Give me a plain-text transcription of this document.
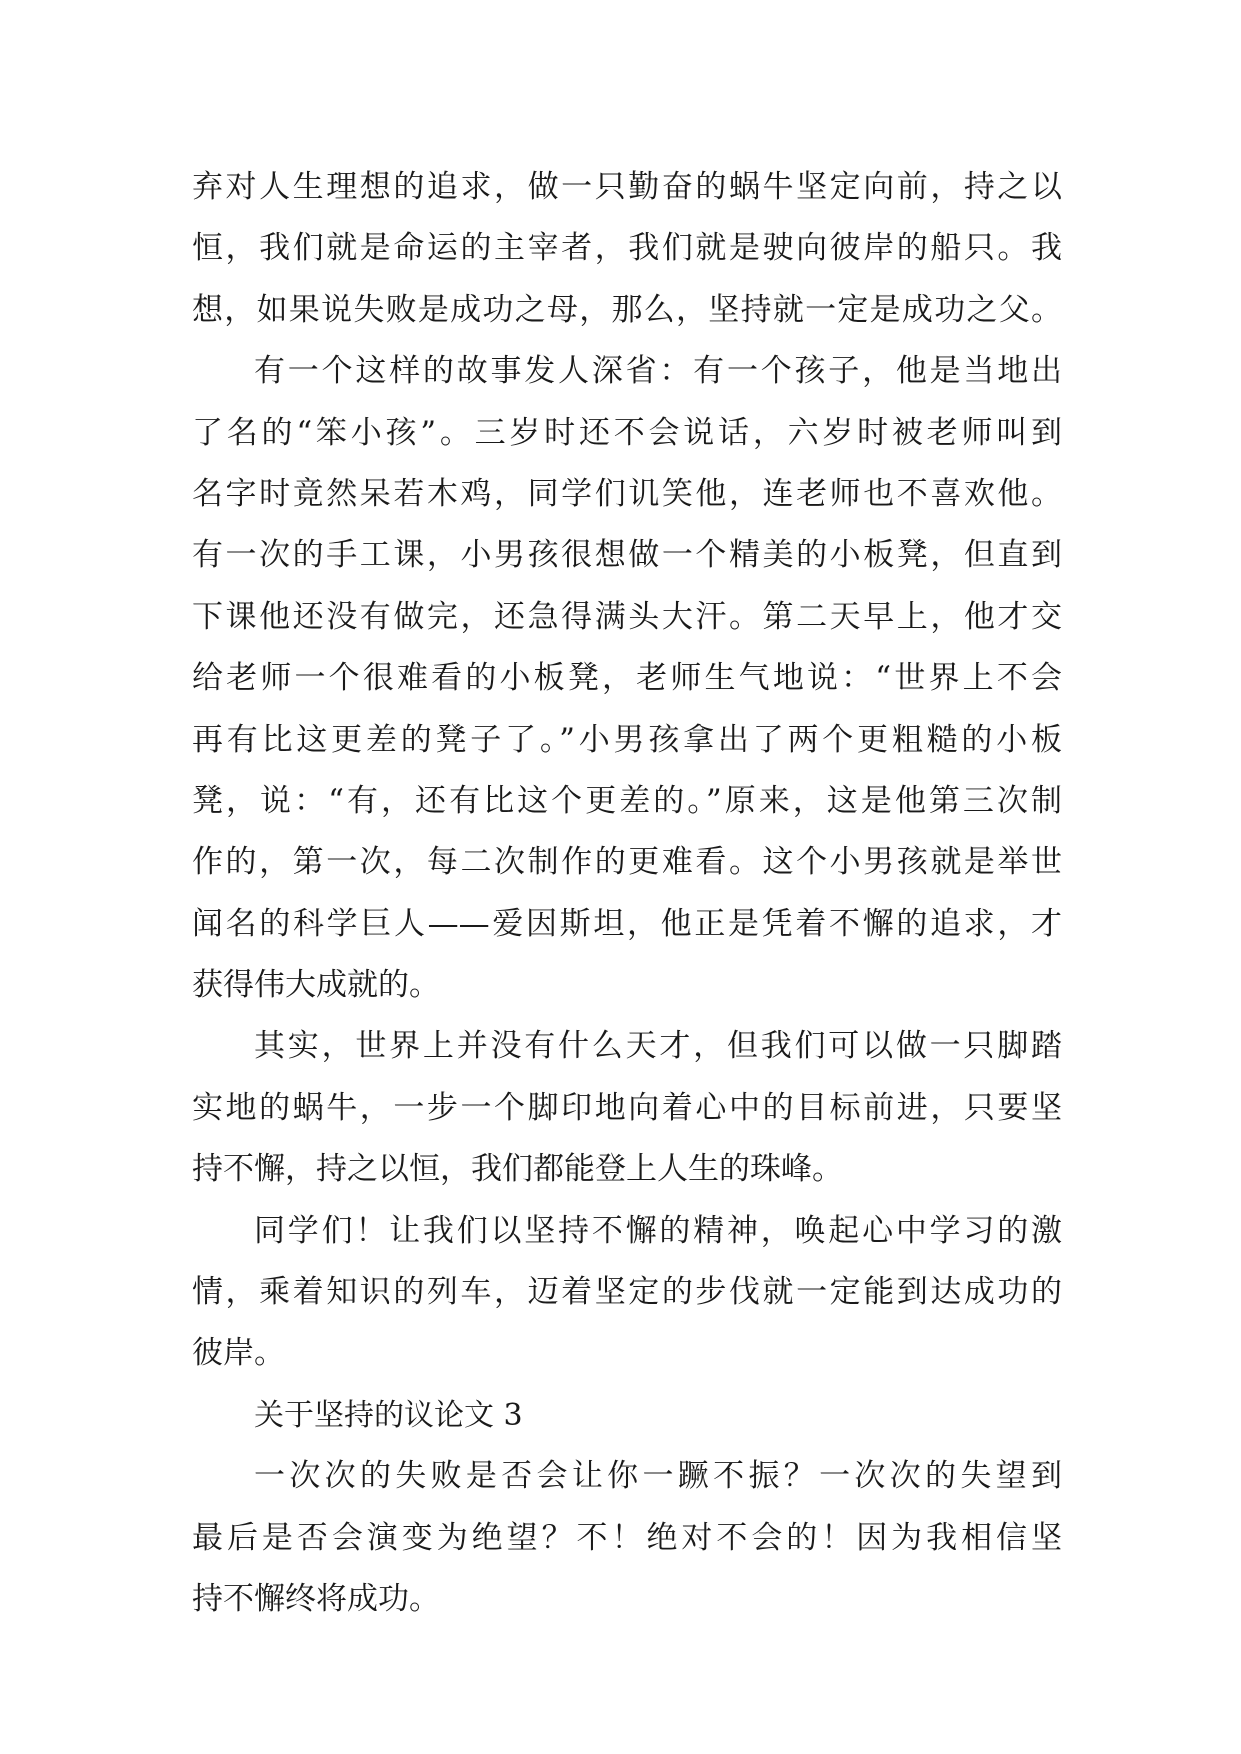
弃对人生理想的追求，做一只勤奋的蜗牛坚定向前，持之以
恒，我们就是命运的主宰者，我们就是驶向彼岸的船只。我
想，如果说失败是成功之母，那么，坚持就一定是成功之父。
有一个这样的故事发人深省：有一个孩子，他是当地出
了名的“笨小孩”。三岁时还不会说话，六岁时被老师叫到
名字时竟然呆若木鸡，同学们讥笑他，连老师也不喜欢他。
有一次的手工课，小男孩很想做一个精美的小板凳，但直到
下课他还没有做完，还急得满头大汗。第二天早上，他才交
给老师一个很难看的小板凳，老师生气地说：“世界上不会
再有比这更差的凳子了。”小男孩拿出了两个更粗糙的小板
凳，说：“有，还有比这个更差的。”原来，这是他第三次制
作的，第一次，每二次制作的更难看。这个小男孩就是举世
闻名的科学巨人——爱因斯坦，他正是凭着不懈的追求，才
获得伟大成就的。
其实，世界上并没有什么天才，但我们可以做一只脚踏
实地的蜗牛，一步一个脚印地向着心中的目标前进，只要坚
持不懈，持之以恒，我们都能登上人生的珠峰。
同学们！让我们以坚持不懈的精神，唤起心中学习的激
情，乘着知识的列车，迈着坚定的步伐就一定能到达成功的
彼岸。
关于坚持的议论文 3
一次次的失败是否会让你一蹶不振？一次次的失望到
最后是否会演变为绝望？不！绝对不会的！因为我相信坚
持不懈终将成功。
